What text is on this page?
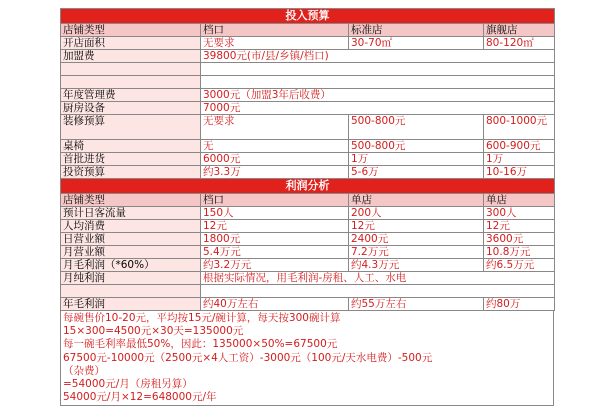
投入预算			
店铺类型	档口	标准店	旗舰店
开店面积	无要求	30-70㎡	80-120㎡
加盟费	39800元(市/县/乡镇/档口)		

年度管理费	3000元（加盟3年后收费）		
厨房设备	7000元		
装修预算	无要求	500-800元	800-1000元
桌椅	无	500-800元	600-900元
首批进货	6000元	1万	1万
投资预算	约3.3万	5-6万	10-16万
利润分析			
店铺类型	档口	单店	单店
预计日客流量	150人	200人	300人
人均消费	12元	12元	12元
日营业额	1800元	2400元	3600元
月营业额	5.4万元	7.2万元	10.8万元
月毛利润（*60%）	约3.2万元	约4.3万元	约6.5万元
月纯利润	根据实际情况，用毛利润-房租、人工、水电		

年毛利润	约40万左右	约55万左右	约80万
每碗售价10-20元，平均按15元/碗计算，每天按300碗计算
15×300=4500元×30天=135000元
每一碗毛利率最低50%，因此：135000×50%=67500元
67500元-10000元（2500元×4人工资）-3000元（100元/天水电费）-500元
（杂费）
=54000元/月（房租另算）
54000元/月×12=648000元/年
